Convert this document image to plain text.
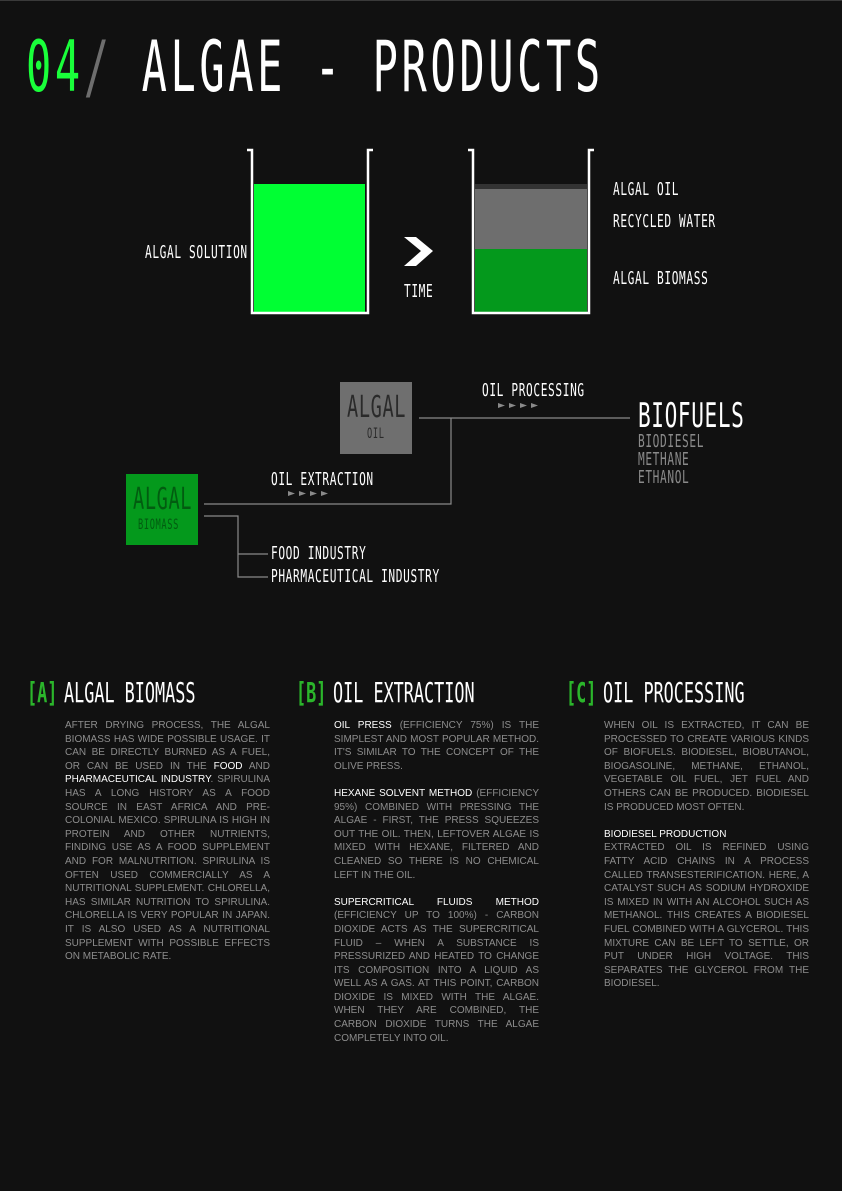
04/ ALGAE - PRODUCTS
ALGAL SOLUTION
TIME
ALGAL OIL
RECYCLED WATER
ALGAL BIOMASS
ALGAL
OIL
ALGAL
BIOMASS
OIL PROCESSING
OIL EXTRACTION
BIOFUELS
BIODIESEL
METHANE
ETHANOL
FOOD INDUSTRY
PHARMACEUTICAL INDUSTRY
[A] ALGAL BIOMASS

AFTER DRYING PROCESS, THE ALGAL BIOMASS HAS WIDE POSSIBLE USAGE. IT CAN BE DIRECTLY BURNED AS A FUEL, OR CAN BE USED IN THE FOOD AND PHARMACEUTICAL INDUSTRY. SPIRULINA HAS A LONG HISTORY AS A FOOD SOURCE IN EAST AFRICA AND PRE-COLONIAL MEXICO. SPIRULINA IS HIGH IN PROTEIN AND OTHER NUTRIENTS, FINDING USE AS A FOOD SUPPLEMENT AND FOR MALNUTRITION. SPIRULINA IS OFTEN USED COMMERCIALLY AS A NUTRITIONAL SUPPLEMENT. CHLORELLA, HAS SIMILAR NUTRITION TO SPIRULINA. CHLORELLA IS VERY POPULAR IN JAPAN. IT IS ALSO USED AS A NUTRITIONAL SUPPLEMENT WITH POSSIBLE EFFECTS ON METABOLIC RATE.

[B] OIL EXTRACTION

OIL PRESS (EFFICIENCY 75%) IS THE SIMPLEST AND MOST POPULAR METHOD. IT'S SIMILAR TO THE CONCEPT OF THE OLIVE PRESS.

HEXANE SOLVENT METHOD (EFFICIENCY 95%) COMBINED WITH PRESSING THE ALGAE - FIRST, THE PRESS SQUEEZES OUT THE OIL. THEN, LEFTOVER ALGAE IS MIXED WITH HEXANE, FILTERED AND CLEANED SO THERE IS NO CHEMICAL LEFT IN THE OIL.

SUPERCRITICAL FLUIDS METHOD (EFFICIENCY UP TO 100%) - CARBON DIOXIDE ACTS AS THE SUPERCRITICAL FLUID – WHEN A SUBSTANCE IS PRESSURIZED AND HEATED TO CHANGE ITS COMPOSITION INTO A LIQUID AS WELL AS A GAS. AT THIS POINT, CARBON DIOXIDE IS MIXED WITH THE ALGAE. WHEN THEY ARE COMBINED, THE CARBON DIOXIDE TURNS THE ALGAE COMPLETELY INTO OIL.

[C] OIL PROCESSING

WHEN OIL IS EXTRACTED, IT CAN BE PROCESSED TO CREATE VARIOUS KINDS OF BIOFUELS. BIODIESEL, BIOBUTANOL, BIOGASOLINE, METHANE, ETHANOL, VEGETABLE OIL FUEL, JET FUEL AND OTHERS CAN BE PRODUCED. BIODIESEL IS PRODUCED MOST OFTEN.

BIODIESEL PRODUCTION

EXTRACTED OIL IS REFINED USING FATTY ACID CHAINS IN A PROCESS CALLED TRANSESTERIFICATION. HERE, A CATALYST SUCH AS SODIUM HYDROXIDE IS MIXED IN WITH AN ALCOHOL SUCH AS METHANOL. THIS CREATES A BIODIESEL FUEL COMBINED WITH A GLYCEROL. THIS MIXTURE CAN BE LEFT TO SETTLE, OR PUT UNDER HIGH VOLTAGE. THIS SEPARATES THE GLYCEROL FROM THE BIODIESEL.
